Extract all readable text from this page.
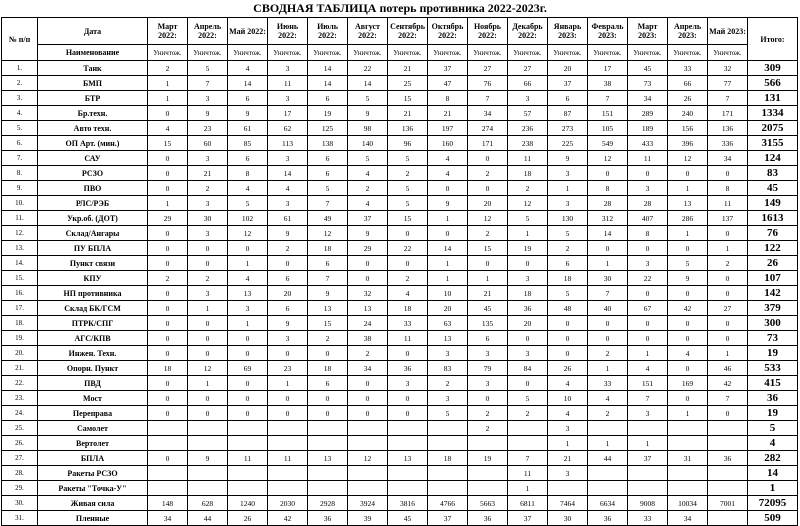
СВОДНАЯ ТАБЛИЦА потерь противника 2022-2023г.
№ п/п	Дата	Март 2022:	Апрель 2022:	Май 2022:	Июнь 2022:	Июль 2022:	Август 2022:	Сентябрь 2022:	Октябрь 2022:	Ноябрь 2022:	Декабрь 2022:	Январь 2023:	Февраль 2023:	Март 2023:	Апрель 2023:	Май 2023:	Итого:
	Наименование	Уничтож.	Уничтож.	Уничтож.	Уничтож.	Уничтож.	Уничтож.	Уничтож.	Уничтож.	Уничтож.	Уничтож.	Уничтож.	Уничтож.	Уничтож.	Уничтож.	Уничтож.	
1.	Танк	2	5	4	3	14	22	21	37	27	27	20	17	45	33	32	309
2.	БМП	1	7	14	11	14	14	25	47	76	66	37	38	73	66	77	566
3.	БТР	1	3	6	3	6	5	15	8	7	3	6	7	34	26	7	131
4.	Бр.техн.	0	9	9	17	19	9	21	21	34	57	87	151	289	240	171	1334
5.	Авто техн.	4	23	61	62	125	98	136	197	274	236	273	105	189	156	136	2075
6.	ОП Арт. (мин.)	15	60	85	113	138	140	96	160	171	238	225	549	433	396	336	3155
7.	САУ	0	3	6	3	6	5	5	4	0	11	9	12	11	12	34	124
8.	РСЗО	0	21	8	14	6	4	2	4	2	18	3	0	0	0	0	83
9.	ПВО	0	2	4	4	5	2	5	0	0	2	1	8	3	1	8	45
10.	РЛС/РЭБ	1	3	5	3	7	4	5	9	20	12	3	28	28	13	11	149
11.	Укр.об. (ДОТ)	29	30	102	61	49	37	15	1	12	5	130	312	407	286	137	1613
12.	Склад/Ангары	0	3	12	9	12	9	0	0	2	1	5	14	8	1	0	76
13.	ПУ БПЛА	0	0	0	2	18	29	22	14	15	19	2	0	0	0	1	122
14.	Пункт связи	0	0	1	0	6	0	0	1	0	0	6	1	3	5	2	26
15.	КПУ	2	2	4	6	7	0	2	1	1	3	18	30	22	9	0	107
16.	НП противника	0	3	13	20	9	32	4	10	21	18	5	7	0	0	0	142
17.	Склад БК/ГСМ	0	1	3	6	13	13	18	20	45	36	48	40	67	42	27	379
18.	ПТРК/СПГ	0	0	1	9	15	24	33	63	135	20	0	0	0	0	0	300
19.	АГС/КПВ	0	0	0	3	2	38	11	13	6	0	0	0	0	0	0	73
20.	Инжен. Техн.	0	0	0	0	0	2	0	3	3	3	0	2	1	4	1	19
21.	Опорн. Пункт	18	12	69	23	18	34	36	83	79	84	26	1	4	0	46	533
22.	ПВД	0	1	0	1	6	0	3	2	3	0	4	33	151	169	42	415
23.	Мост	0	0	0	0	0	0	0	3	0	5	10	4	7	0	7	36
24.	Переправа	0	0	0	0	0	0	0	5	2	2	4	2	3	1	0	19
25.	Самолет									2		3					5
26.	Вертолет											1	1	1			4
27.	БПЛА	0	9	11	11	13	12	13	18	19	7	21	44	37	31	36	282
28.	Ракеты РСЗО										11	3					14
29.	Ракеты "Точка-У"										1						1
30.	Живая сила	148	628	1240	2030	2928	3924	3816	4766	5663	6811	7464	6634	9008	10034	7001	72095
31.	Пленные	34	44	26	42	36	39	45	37	36	37	30	36	33	34		509
